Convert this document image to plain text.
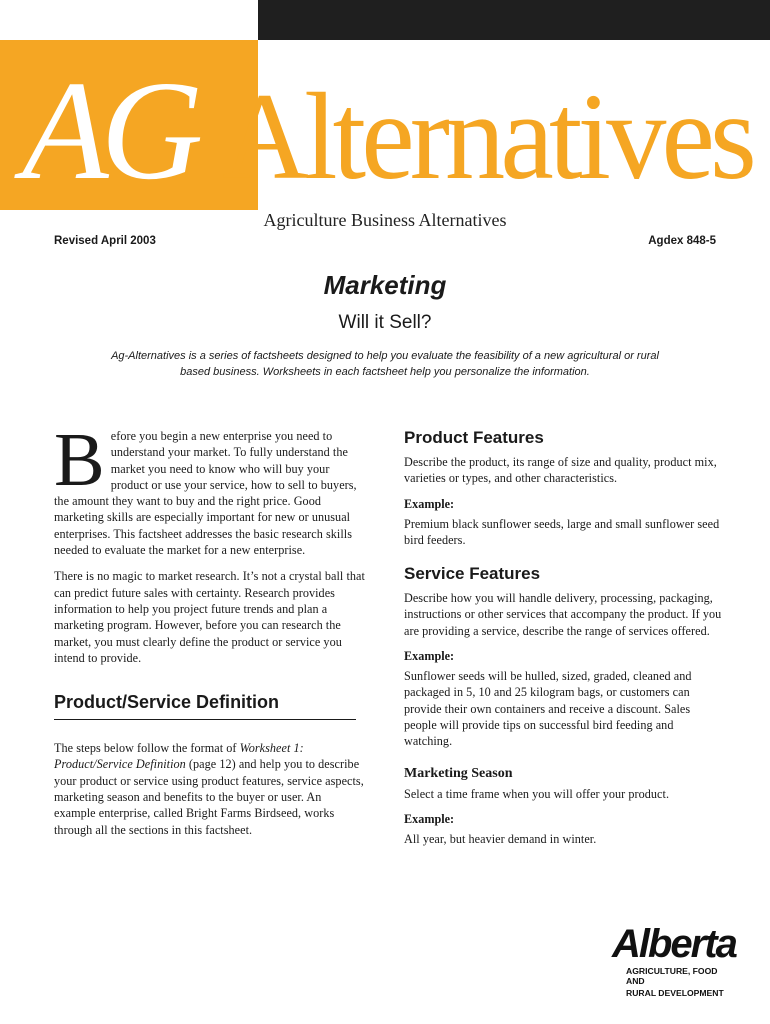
AG Alternatives
Agriculture Business Alternatives
Revised April 2003	Agdex 848-5
Marketing
Will it Sell?
Ag-Alternatives is a series of factsheets designed to help you evaluate the feasibility of a new agricultural or rural based business. Worksheets in each factsheet help you personalize the information.

B efore you begin a new enterprise you need to understand your market. To fully understand the market you need to know who will buy your product or use your service, how to sell to buyers, the amount they want to buy and the right price. Good marketing skills are especially important for new or unusual enterprises. This factsheet addresses the basic research skills needed to evaluate the market for a new enterprise.

There is no magic to market research. It’s not a crystal ball that can predict future sales with certainty. Research provides information to help you project future trends and plan a marketing program. However, before you can research the market, you must clearly define the product or service you intend to provide.

Product/Service Definition

The steps below follow the format of Worksheet 1: Product/Service Definition (page 12) and help you to describe your product or service using product features, service aspects, marketing season and benefits to the buyer or user. An example enterprise, called Bright Farms Birdseed, works through all the sections in this factsheet.

Product Features

Describe the product, its range of size and quality, product mix, varieties or types, and other characteristics.

Example:

Premium black sunflower seeds, large and small sunflower seed bird feeders.

Service Features

Describe how you will handle delivery, processing, packaging, instructions or other services that accompany the product. If you are providing a service, describe the range of services offered.

Example:

Sunflower seeds will be hulled, sized, graded, cleaned and packaged in 5, 10 and 25 kilogram bags, or customers can provide their own containers and receive a discount. Sales people will provide tips on successful bird feeding and watching.

Marketing Season

Select a time frame when you will offer your product.

Example:

All year, but heavier demand in winter.

Alberta
AGRICULTURE, FOOD AND
RURAL DEVELOPMENT
